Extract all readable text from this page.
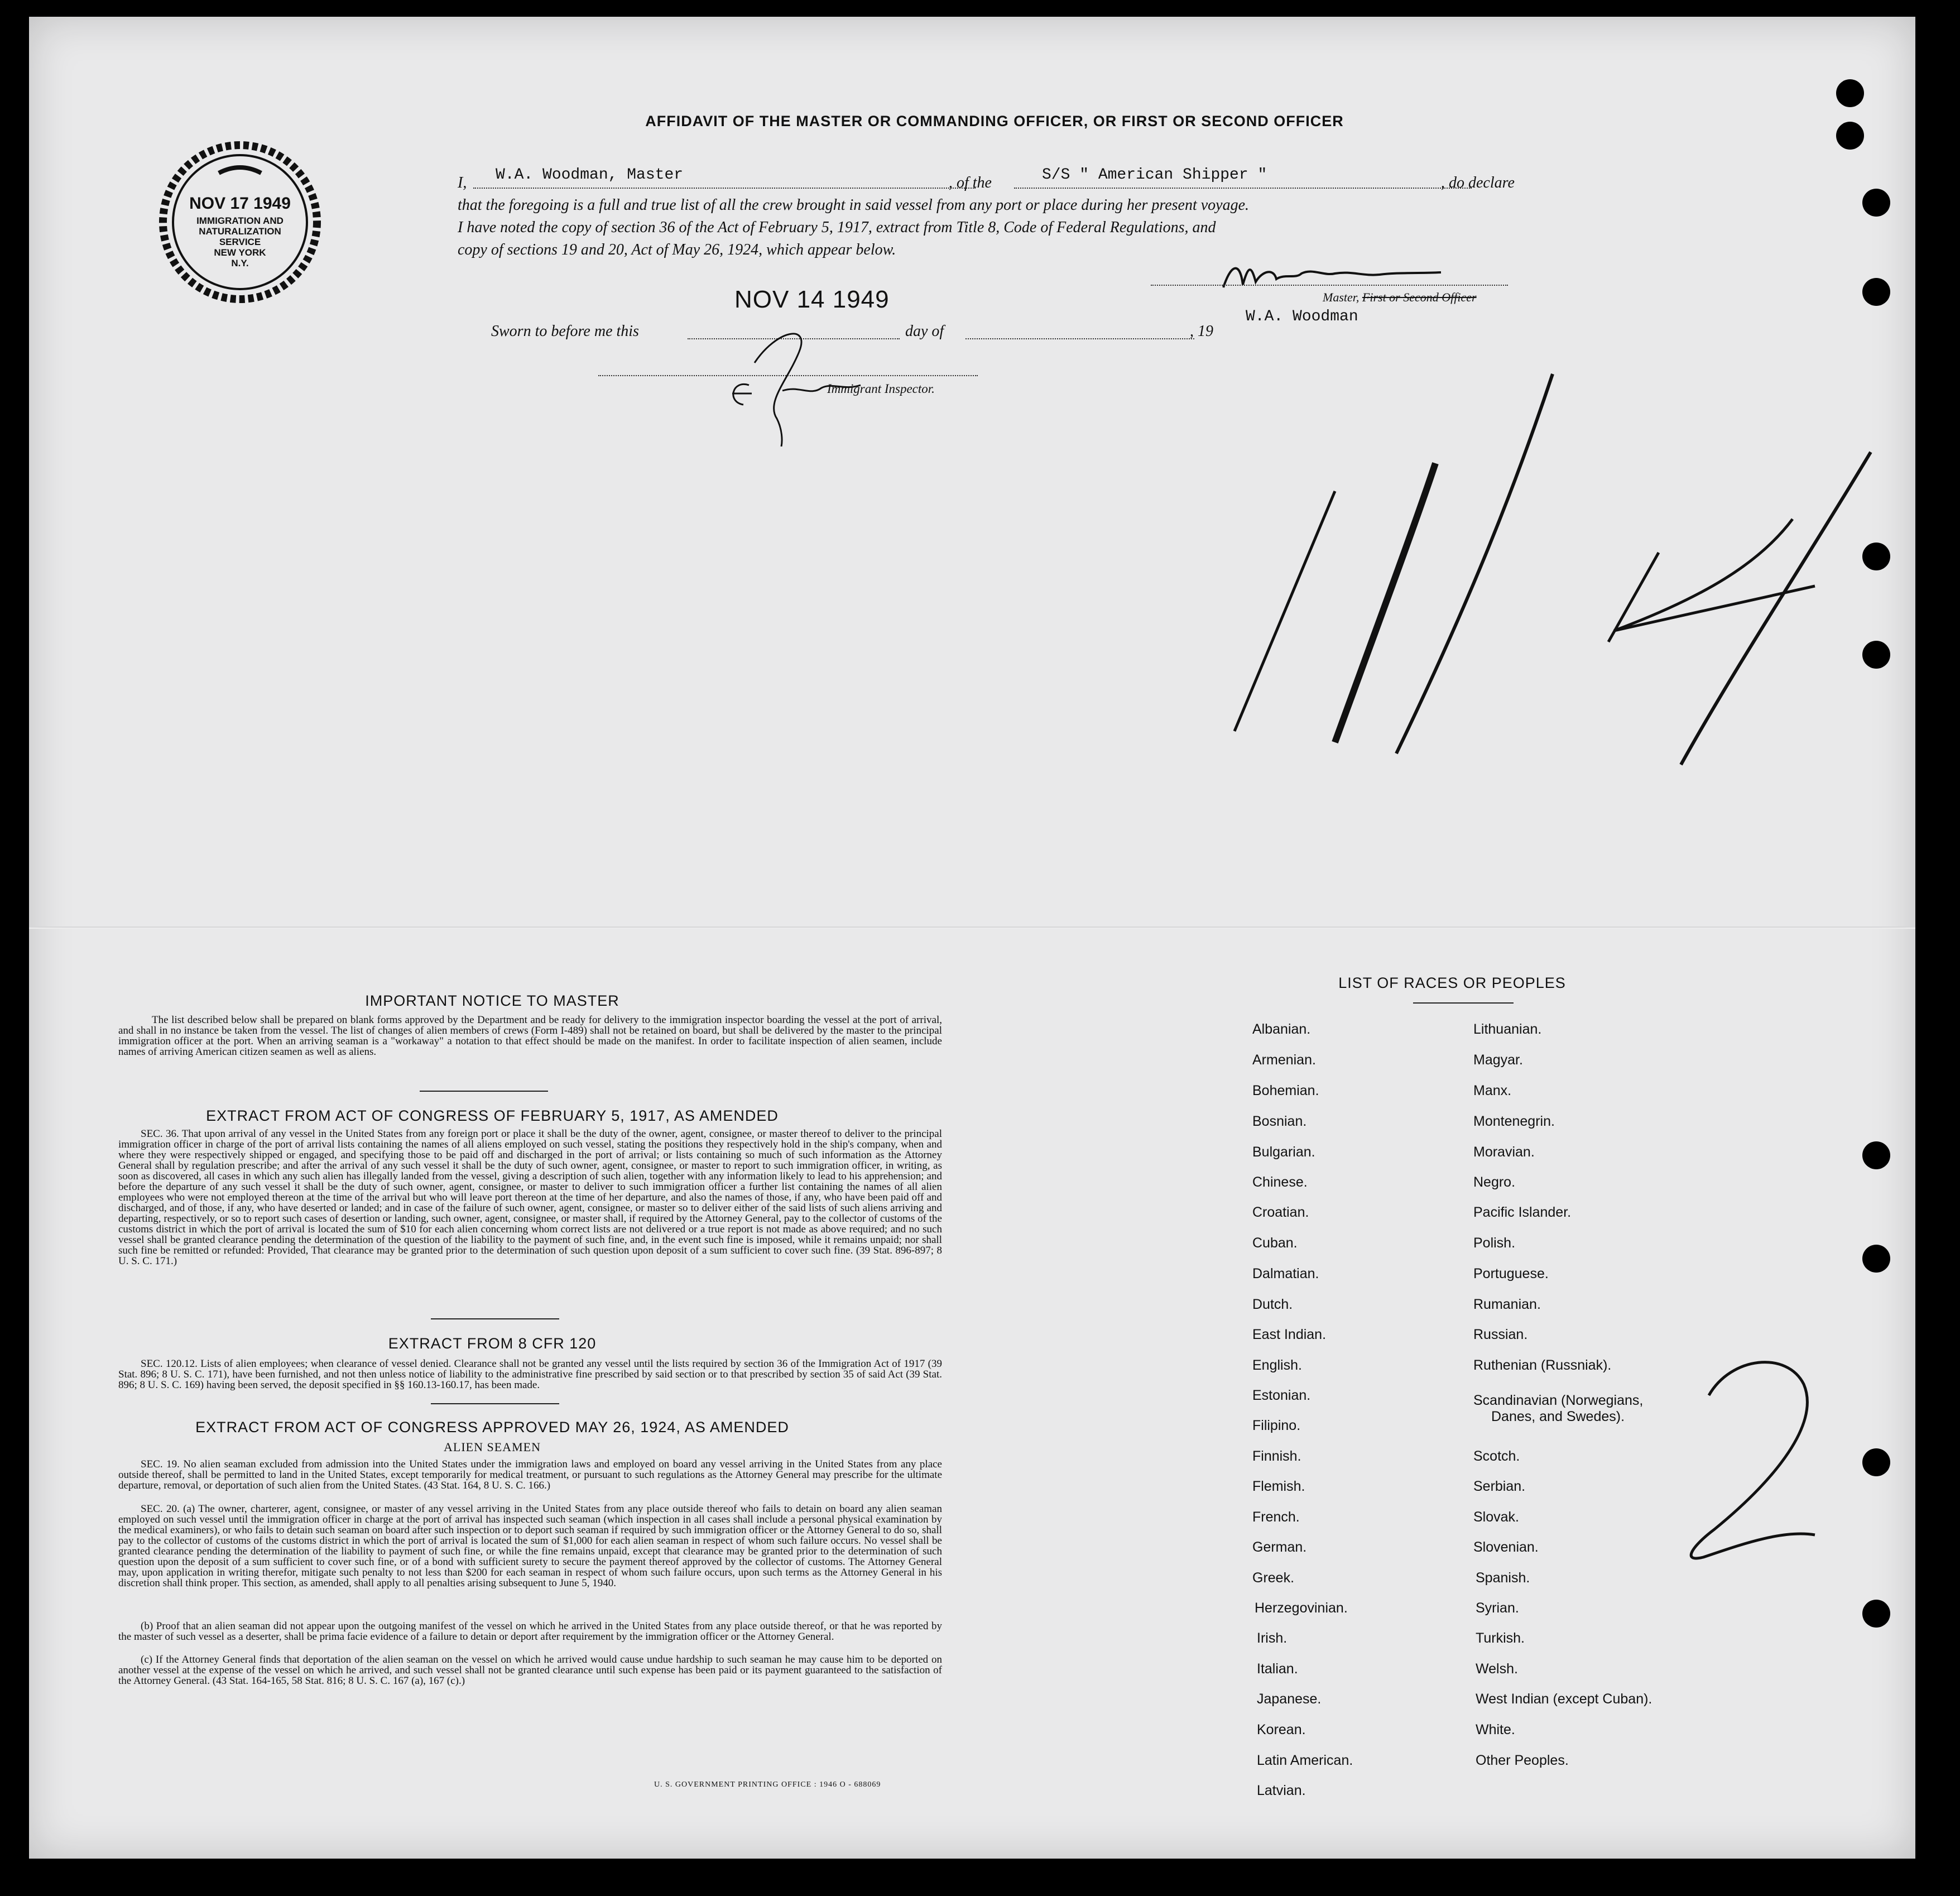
NOV 17 1949
IMMIGRATION AND
NATURALIZATION
SERVICE
NEW YORK
N.Y.
AFFIDAVIT OF THE MASTER OR COMMANDING OFFICER, OR FIRST OR SECOND OFFICER
I,	W.A. Woodman, Master	, of the	S/S " American Shipper "	, do declare
that the foregoing is a full and true list of all the crew brought in said vessel from any port or place during her present voyage.
I have noted the copy of section 36 of the Act of February 5, 1917, extract from Title 8, Code of Federal Regulations, and
copy of sections 19 and 20, Act of May 26, 1924, which appear below.
Master, First or Second Officer
NOV 14 1949
Sworn to before me this	day of	, 19
W.A. Woodman
Immigrant Inspector.
IMPORTANT NOTICE TO MASTER
The list described below shall be prepared on blank forms approved by the Department and be ready for delivery to the immigration inspector boarding the vessel at the port of arrival, and shall in no instance be taken from the vessel. The list of changes of alien members of crews (Form I-489) shall not be retained on board, but shall be delivered by the master to the principal immigration officer at the port. When an arriving seaman is a "workaway" a notation to that effect should be made on the manifest. In order to facilitate inspection of alien seamen, include names of arriving American citizen seamen as well as aliens.
EXTRACT FROM ACT OF CONGRESS OF FEBRUARY 5, 1917, AS AMENDED
SEC. 36. That upon arrival of any vessel in the United States from any foreign port or place it shall be the duty of the owner, agent, consignee, or master thereof to deliver to the principal immigration officer in charge of the port of arrival lists containing the names of all aliens employed on such vessel, stating the positions they respectively hold in the ship's company, when and where they were respectively shipped or engaged, and specifying those to be paid off and discharged in the port of arrival; or lists containing so much of such information as the Attorney General shall by regulation prescribe; and after the arrival of any such vessel it shall be the duty of such owner, agent, consignee, or master to report to such immigration officer, in writing, as soon as discovered, all cases in which any such alien has illegally landed from the vessel, giving a description of such alien, together with any information likely to lead to his apprehension; and before the departure of any such vessel it shall be the duty of such owner, agent, consignee, or master to deliver to such immigration officer a further list containing the names of all alien employees who were not employed thereon at the time of the arrival but who will leave port thereon at the time of her departure, and also the names of those, if any, who have been paid off and discharged, and of those, if any, who have deserted or landed; and in case of the failure of such owner, agent, consignee, or master so to deliver either of the said lists of such aliens arriving and departing, respectively, or so to report such cases of desertion or landing, such owner, agent, consignee, or master shall, if required by the Attorney General, pay to the collector of customs of the customs district in which the port of arrival is located the sum of $10 for each alien concerning whom correct lists are not delivered or a true report is not made as above required; and no such vessel shall be granted clearance pending the determination of the question of the liability to the payment of such fine, and, in the event such fine is imposed, while it remains unpaid; nor shall such fine be remitted or refunded: Provided, That clearance may be granted prior to the determination of such question upon deposit of a sum sufficient to cover such fine. (39 Stat. 896-897; 8 U. S. C. 171.)
EXTRACT FROM 8 CFR 120
SEC. 120.12. Lists of alien employees; when clearance of vessel denied. Clearance shall not be granted any vessel until the lists required by section 36 of the Immigration Act of 1917 (39 Stat. 896; 8 U. S. C. 171), have been furnished, and not then unless notice of liability to the administrative fine prescribed by said section or to that prescribed by section 35 of said Act (39 Stat. 896; 8 U. S. C. 169) having been served, the deposit specified in §§ 160.13-160.17, has been made.
EXTRACT FROM ACT OF CONGRESS APPROVED MAY 26, 1924, AS AMENDED
ALIEN SEAMEN
SEC. 19. No alien seaman excluded from admission into the United States under the immigration laws and employed on board any vessel arriving in the United States from any place outside thereof, shall be permitted to land in the United States, except temporarily for medical treatment, or pursuant to such regulations as the Attorney General may prescribe for the ultimate departure, removal, or deportation of such alien from the United States. (43 Stat. 164, 8 U. S. C. 166.)
SEC. 20. (a) The owner, charterer, agent, consignee, or master of any vessel arriving in the United States from any place outside thereof who fails to detain on board any alien seaman employed on such vessel until the immigration officer in charge at the port of arrival has inspected such seaman (which inspection in all cases shall include a personal physical examination by the medical examiners), or who fails to detain such seaman on board after such inspection or to deport such seaman if required by such immigration officer or the Attorney General to do so, shall pay to the collector of customs of the customs district in which the port of arrival is located the sum of $1,000 for each alien seaman in respect of whom such failure occurs. No vessel shall be granted clearance pending the determination of the liability to payment of such fine, or while the fine remains unpaid, except that clearance may be granted prior to the determination of such question upon the deposit of a sum sufficient to cover such fine, or of a bond with sufficient surety to secure the payment thereof approved by the collector of customs. The Attorney General may, upon application in writing therefor, mitigate such penalty to not less than $200 for each seaman in respect of whom such failure occurs, upon such terms as the Attorney General in his discretion shall think proper. This section, as amended, shall apply to all penalties arising subsequent to June 5, 1940.
(b) Proof that an alien seaman did not appear upon the outgoing manifest of the vessel on which he arrived in the United States from any place outside thereof, or that he was reported by the master of such vessel as a deserter, shall be prima facie evidence of a failure to detain or deport after requirement by the immigration officer or the Attorney General.
(c) If the Attorney General finds that deportation of the alien seaman on the vessel on which he arrived would cause undue hardship to such seaman he may cause him to be deported on another vessel at the expense of the vessel on which he arrived, and such vessel shall not be granted clearance until such expense has been paid or its payment guaranteed to the satisfaction of the Attorney General. (43 Stat. 164-165, 58 Stat. 816; 8 U. S. C. 167 (a), 167 (c).)
U. S. GOVERNMENT PRINTING OFFICE : 1946 O - 688069
LIST OF RACES OR PEOPLES
Albanian.
Armenian.
Bohemian.
Bosnian.
Bulgarian.
Chinese.
Croatian.
Cuban.
Dalmatian.
Dutch.
East Indian.
English.
Estonian.
Filipino.
Finnish.
Flemish.
French.
German.
Greek.
Herzegovinian.
Irish.
Italian.
Japanese.
Korean.
Latin American.
Latvian.
Lithuanian.
Magyar.
Manx.
Montenegrin.
Moravian.
Negro.
Pacific Islander.
Polish.
Portuguese.
Rumanian.
Russian.
Ruthenian (Russniak).
Scandinavian (Norwegians,
Danes, and Swedes).
Scotch.
Serbian.
Slovak.
Slovenian.
Spanish.
Syrian.
Turkish.
Welsh.
West Indian (except Cuban).
White.
Other Peoples.
